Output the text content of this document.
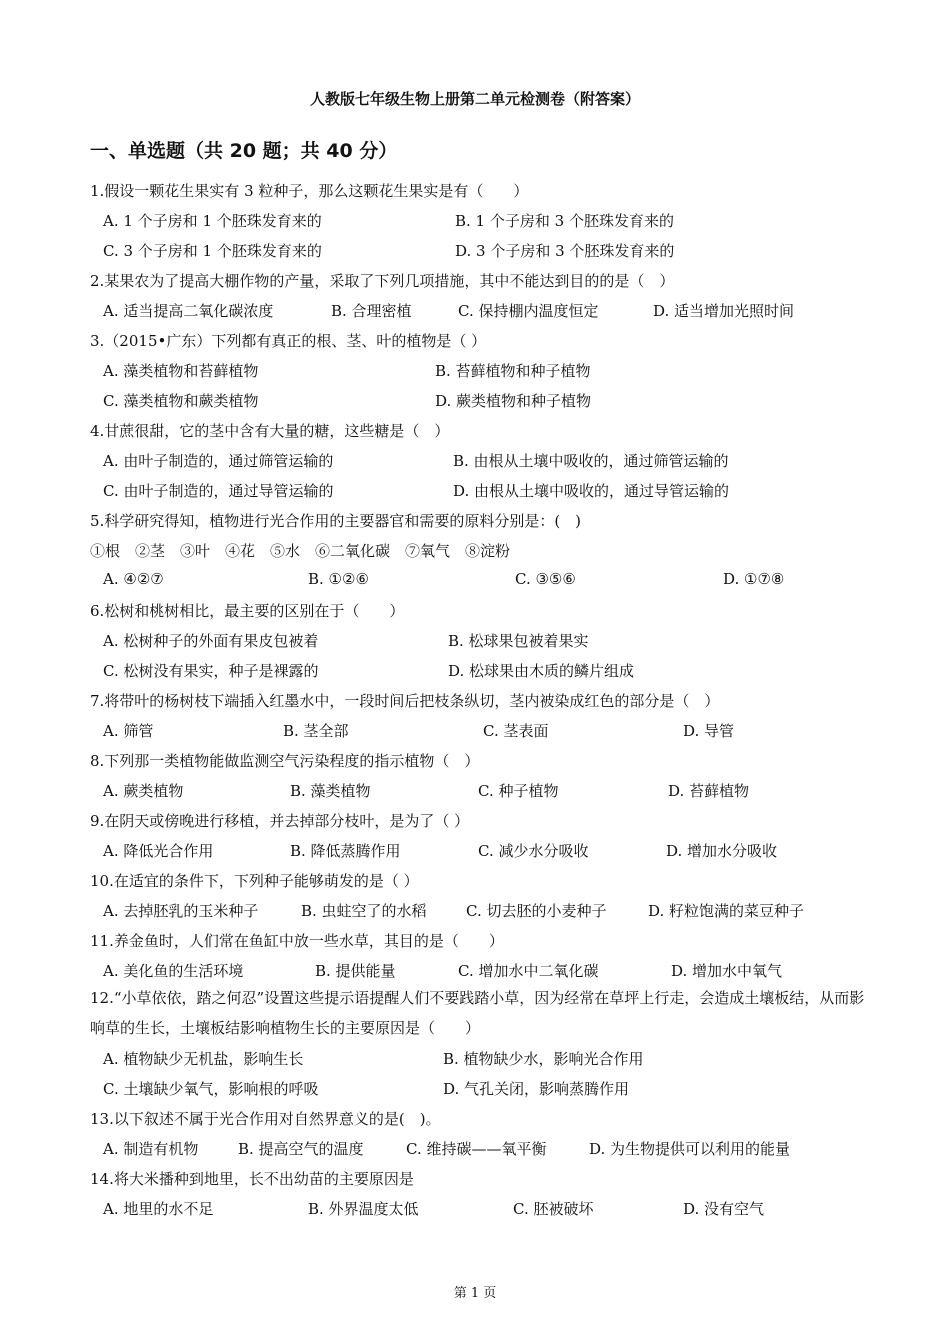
人教版七年级生物上册第二单元检测卷（附答案）
一、单选题（共 20 题；共 40 分）
1.假设一颗花生果实有 3 粒种子，那么这颗花生果实是有（　　）
A. 1 个子房和 1 个胚珠发育来的	B. 1 个子房和 3 个胚珠发育来的
C. 3 个子房和 1 个胚珠发育来的	D. 3 个子房和 3 个胚珠发育来的
2.某果农为了提高大棚作物的产量，采取了下列几项措施，其中不能达到目的的是（　）
A. 适当提高二氧化碳浓度	B. 合理密植	C. 保持棚内温度恒定	D. 适当增加光照时间
3.（2015•广东）下列都有真正的根、茎、叶的植物是（ ）
A. 藻类植物和苔藓植物	B. 苔藓植物和种子植物
C. 藻类植物和蕨类植物	D. 蕨类植物和种子植物
4.甘蔗很甜，它的茎中含有大量的糖，这些糖是（　）
A. 由叶子制造的，通过筛管运输的	B. 由根从土壤中吸收的，通过筛管运输的
C. 由叶子制造的，通过导管运输的	D. 由根从土壤中吸收的，通过导管运输的
5.科学研究得知，植物进行光合作用的主要器官和需要的原料分别是：(　)
①根　②茎　③叶　④花　⑤水　⑥二氧化碳　⑦氧气　⑧淀粉
A. ④②⑦	B. ①②⑥	C. ③⑤⑥	D. ①⑦⑧
6.松树和桃树相比，最主要的区别在于（　　）
A. 松树种子的外面有果皮包被着	B. 松球果包被着果实
C. 松树没有果实，种子是裸露的	D. 松球果由木质的鳞片组成
7.将带叶的杨树枝下端插入红墨水中，一段时间后把枝条纵切，茎内被染成红色的部分是（　）
A. 筛管	B. 茎全部	C. 茎表面	D. 导管
8.下列那一类植物能做监测空气污染程度的指示植物（　）
A. 蕨类植物	B. 藻类植物	C. 种子植物	D. 苔藓植物
9.在阴天或傍晚进行移植，并去掉部分枝叶，是为了（ ）
A. 降低光合作用	B. 降低蒸腾作用	C. 减少水分吸收	D. 增加水分吸收
10.在适宜的条件下，下列种子能够萌发的是（ ）
A. 去掉胚乳的玉米种子	B. 虫蛀空了的水稻	C. 切去胚的小麦种子	D. 籽粒饱满的菜豆种子
11.养金鱼时，人们常在鱼缸中放一些水草，其目的是（　　）
A. 美化鱼的生活环境	B. 提供能量	C. 增加水中二氧化碳	D. 增加水中氧气
12.“小草依依，踏之何忍”设置这些提示语提醒人们不要践踏小草，因为经常在草坪上行走，会造成土壤板结，从而影响草的生长，土壤板结影响植物生长的主要原因是（　　）
A. 植物缺少无机盐，影响生长	B. 植物缺少水，影响光合作用
C. 土壤缺少氧气，影响根的呼吸	D. 气孔关闭，影响蒸腾作用
13.以下叙述不属于光合作用对自然界意义的是(　)。
A. 制造有机物	B. 提高空气的温度	C. 维持碳——氧平衡	D. 为生物提供可以利用的能量
14.将大米播种到地里，长不出幼苗的主要原因是
A. 地里的水不足	B. 外界温度太低	C. 胚被破坏	D. 没有空气
第 1 页
